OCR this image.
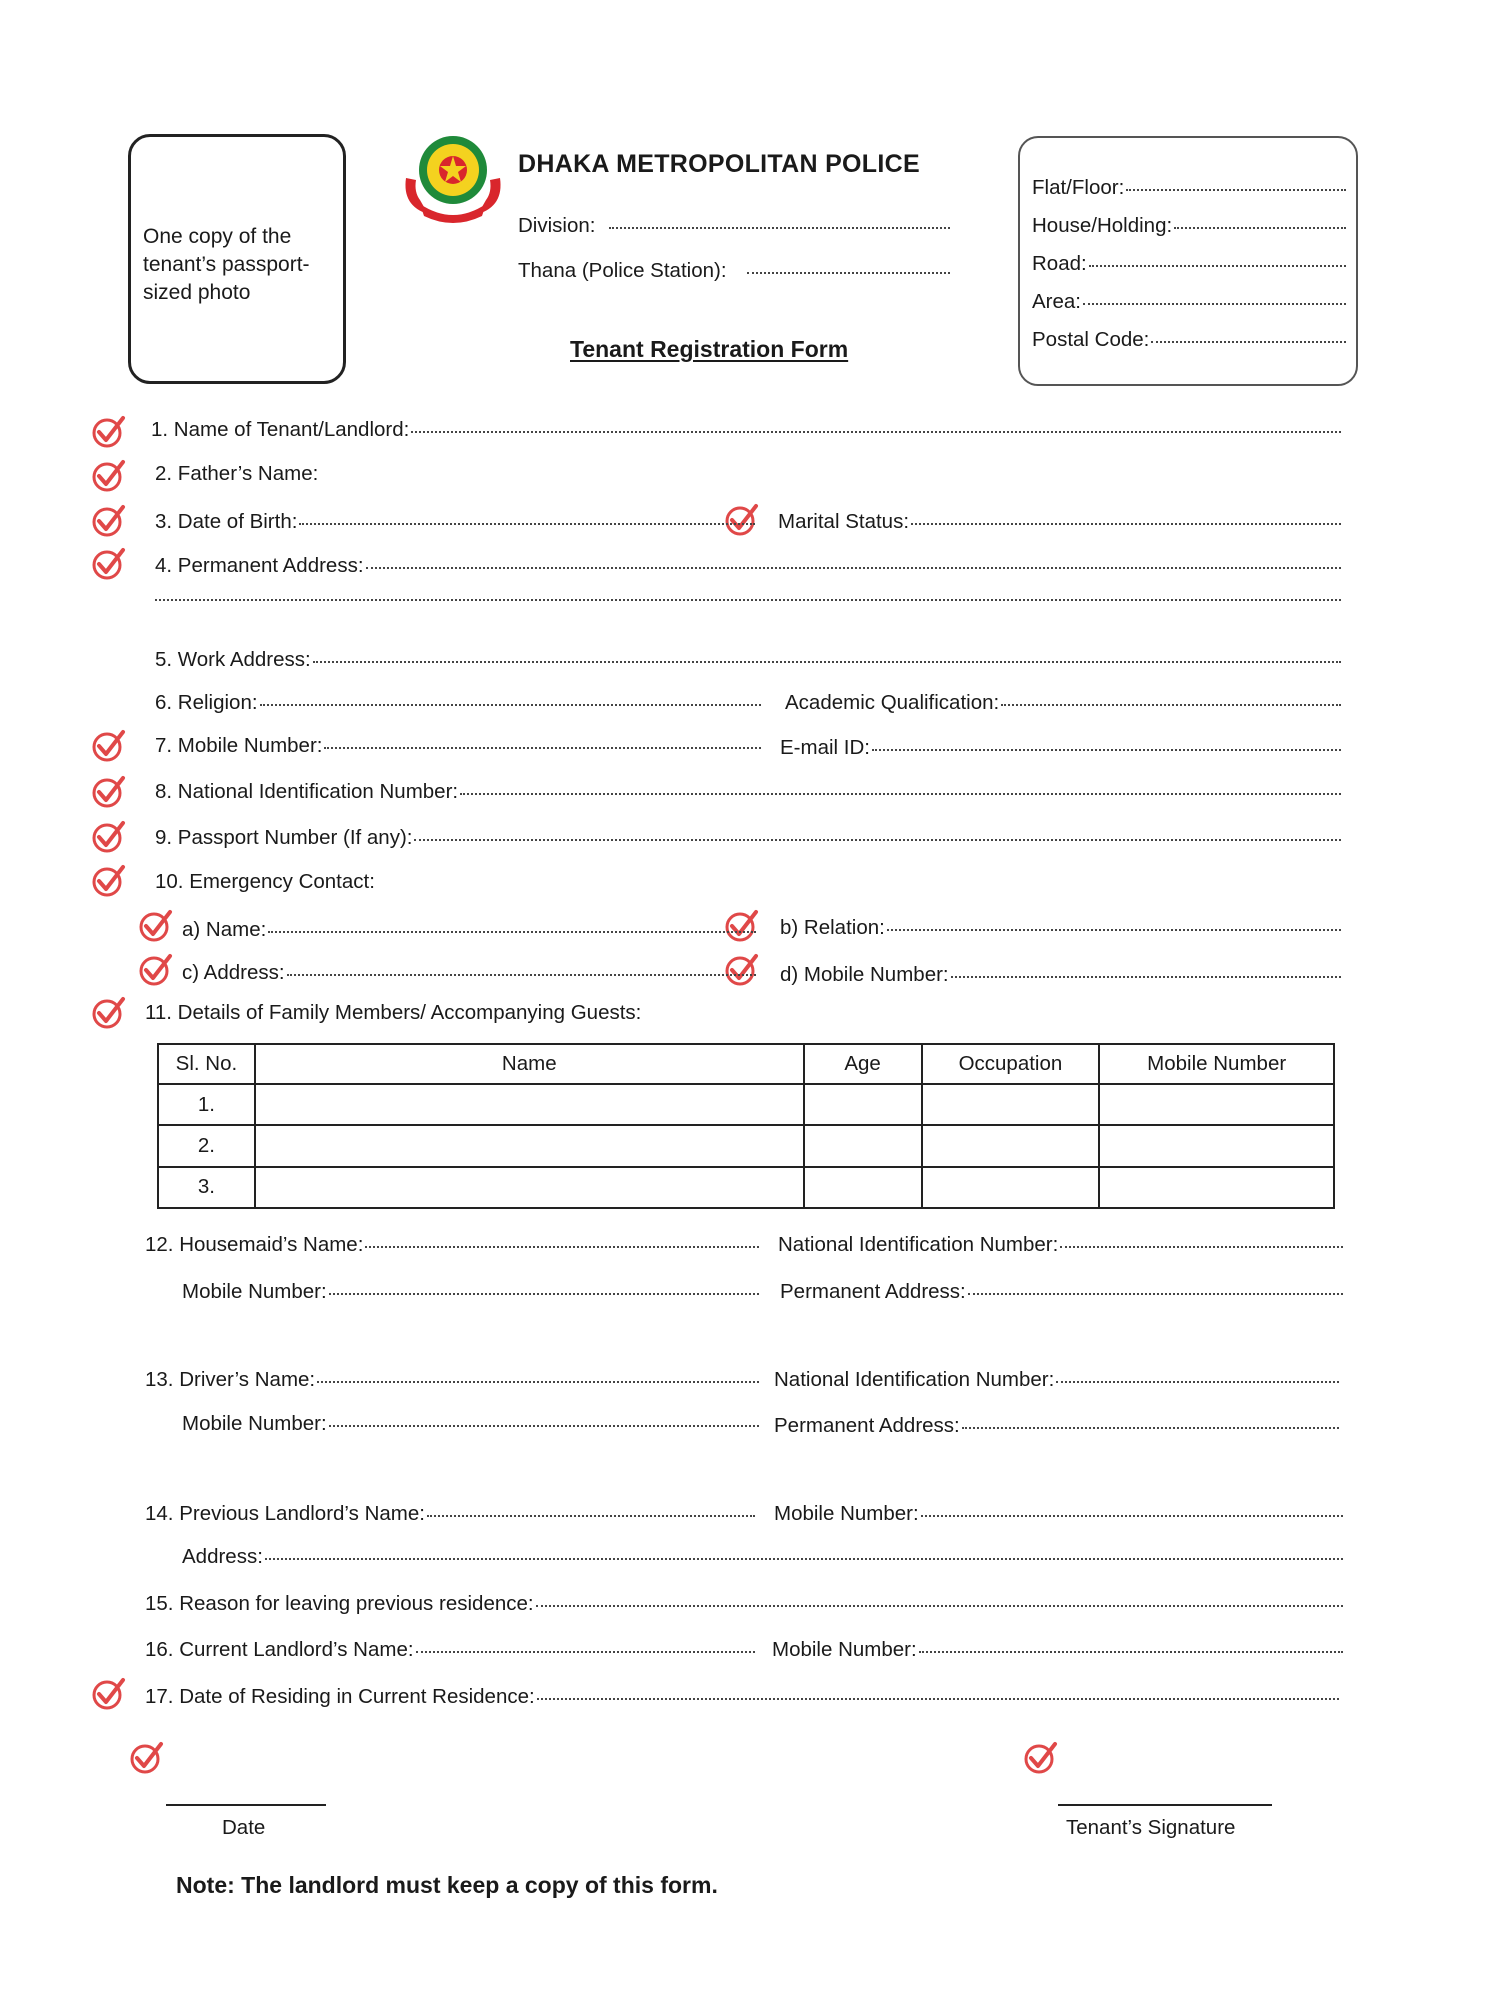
One copy of the tenant’s passport-sized photo
DHAKA METROPOLITAN POLICE
Division:
Thana (Police Station):
Tenant Registration Form
Flat/Floor:
House/Holding:
Road:
Area:
Postal Code:
1. Name of Tenant/Landlord:
2. Father’s Name:
3. Date of Birth:	Marital Status:
4. Permanent Address:
5. Work Address:
6. Religion:	Academic Qualification:
7. Mobile Number:	E-mail ID:
8. National Identification Number:
9. Passport Number (If any):
10. Emergency Contact:
a) Name:	b) Relation:
c) Address:	d) Mobile Number:
11. Details of Family Members/ Accompanying Guests:
Sl. No.	Name	Age	Occupation	Mobile Number
1.				
2.				
3.				
12. Housemaid’s Name:	National Identification Number:
Mobile Number:	Permanent Address:
13. Driver’s Name:	National Identification Number:
Mobile Number:	Permanent Address:
14. Previous Landlord’s Name:	Mobile Number:
Address:
15. Reason for leaving previous residence:
16. Current Landlord’s Name:	Mobile Number:
17. Date of Residing in Current Residence:
Date	Tenant’s Signature
Note: The landlord must keep a copy of this form.
